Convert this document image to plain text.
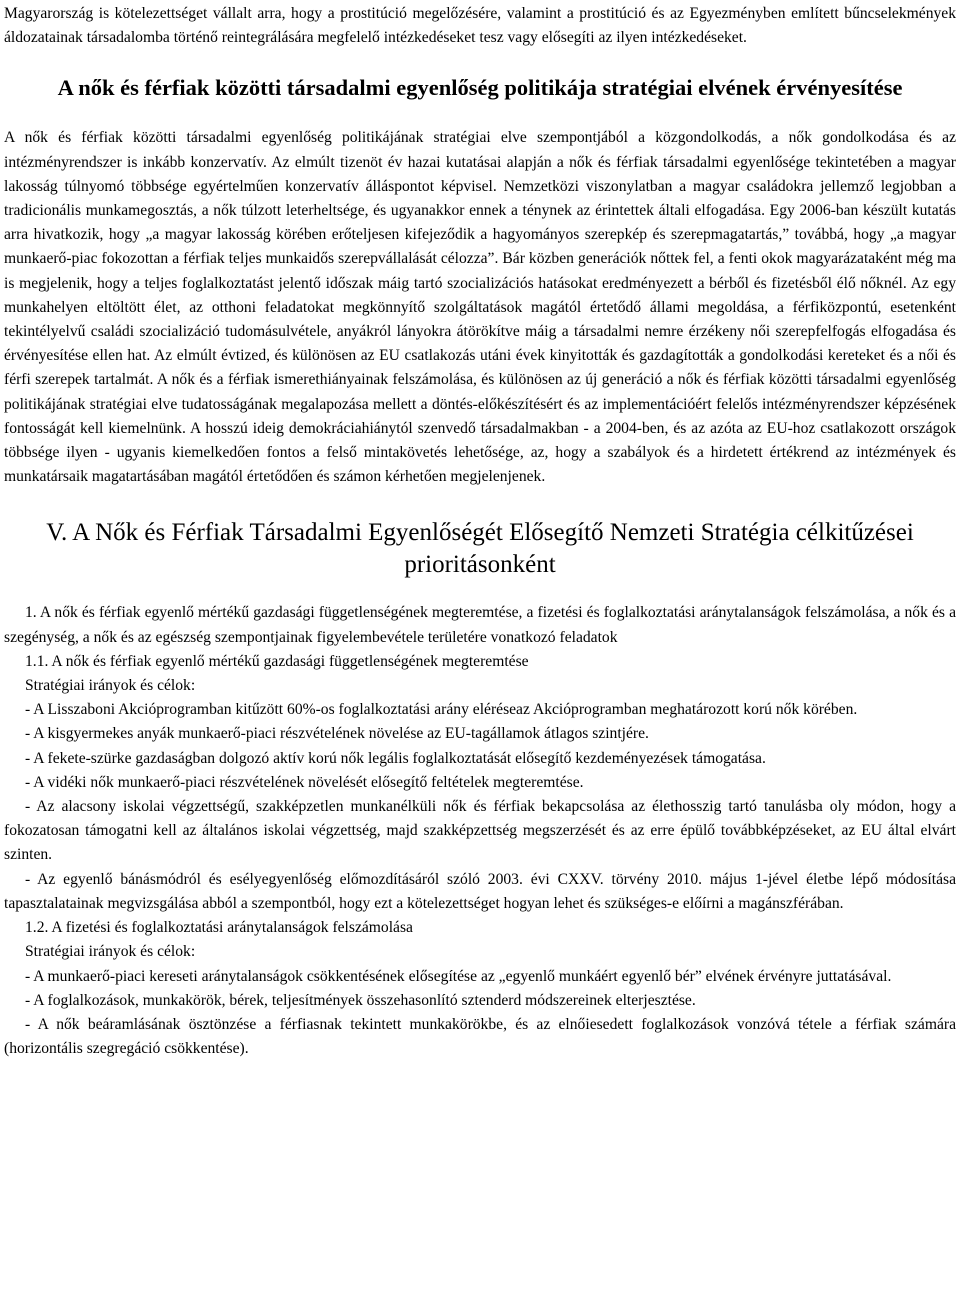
Magyarország is kötelezettséget vállalt arra, hogy a prostitúció megelőzésére, valamint a prostitúció és az Egyezményben említett bűncselekmények áldozatainak társadalomba történő reintegrálására megfelelő intézkedéseket tesz vagy elősegíti az ilyen intézkedéseket.

A nők és férfiak közötti társadalmi egyenlőség politikája stratégiai elvének érvényesítése

A nők és férfiak közötti társadalmi egyenlőség politikájának stratégiai elve szempontjából a közgondolkodás, a nők gondolkodása és az intézményrendszer is inkább konzervatív. Az elmúlt tizenöt év hazai kutatásai alapján a nők és férfiak társadalmi egyenlősége tekintetében a magyar lakosság túlnyomó többsége egyértelműen konzervatív álláspontot képvisel. Nemzetközi viszonylatban a magyar családokra jellemző legjobban a tradicionális munkamegosztás, a nők túlzott leterheltsége, és ugyanakkor ennek a ténynek az érintettek általi elfogadása. Egy 2006-ban készült kutatás arra hivatkozik, hogy „a magyar lakosság körében erőteljesen kifejeződik a hagyományos szerepkép és szerepmagatartás,” továbbá, hogy „a magyar munkaerő-piac fokozottan a férfiak teljes munkaidős szerepvállalását célozza”. Bár közben generációk nőttek fel, a fenti okok magyarázataként még ma is megjelenik, hogy a teljes foglalkoztatást jelentő időszak máig tartó szocializációs hatásokat eredményezett a bérből és fizetésből élő nőknél. Az egy munkahelyen eltöltött élet, az otthoni feladatokat megkönnyítő szolgáltatások magától értetődő állami megoldása, a férfiközpontú, esetenként tekintélyelvű családi szocializáció tudomásulvétele, anyákról lányokra átörökítve máig a társadalmi nemre érzékeny női szerepfelfogás elfogadása és érvényesítése ellen hat. Az elmúlt évtized, és különösen az EU csatlakozás utáni évek kinyitották és gazdagították a gondolkodási kereteket és a női és férfi szerepek tartalmát. A nők és a férfiak ismerethiányainak felszámolása, és különösen az új generáció a nők és férfiak közötti társadalmi egyenlőség politikájának stratégiai elve tudatosságának megalapozása mellett a döntés-előkészítésért és az implementációért felelős intézményrendszer képzésének fontosságát kell kiemelnünk. A hosszú ideig demokráciahiánytól szenvedő társadalmakban - a 2004-ben, és az azóta az EU-hoz csatlakozott országok többsége ilyen - ugyanis kiemelkedően fontos a felső mintakövetés lehetősége, az, hogy a szabályok és a hirdetett értékrend az intézmények és munkatársaik magatartásában magától értetődően és számon kérhetően megjelenjenek.

V. A Nők és Férfiak Társadalmi Egyenlőségét Elősegítő Nemzeti Stratégia célkitűzései prioritásonként

1. A nők és férfiak egyenlő mértékű gazdasági függetlenségének megteremtése, a fizetési és foglalkoztatási aránytalanságok felszámolása, a nők és a szegénység, a nők és az egészség szempontjainak figyelembevétele területére vonatkozó feladatok

1.1. A nők és férfiak egyenlő mértékű gazdasági függetlenségének megteremtése

Stratégiai irányok és célok:

- A Lisszaboni Akcióprogramban kitűzött 60%-os foglalkoztatási arány eléréseaz Akcióprogramban meghatározott korú nők körében.

- A kisgyermekes anyák munkaerő-piaci részvételének növelése az EU-tagállamok átlagos szintjére.

- A fekete-szürke gazdaságban dolgozó aktív korú nők legális foglalkoztatását elősegítő kezdeményezések támogatása.

- A vidéki nők munkaerő-piaci részvételének növelését elősegítő feltételek megteremtése.

- Az alacsony iskolai végzettségű, szakképzetlen munkanélküli nők és férfiak bekapcsolása az élethosszig tartó tanulásba oly módon, hogy a fokozatosan támogatni kell az általános iskolai végzettség, majd szakképzettség megszerzését és az erre épülő továbbképzéseket, az EU által elvárt szinten.

- Az egyenlő bánásmódról és esélyegyenlőség előmozdításáról szóló 2003. évi CXXV. törvény 2010. május 1-jével életbe lépő módosítása tapasztalatainak megvizsgálása abból a szempontból, hogy ezt a kötelezettséget hogyan lehet és szükséges-e előírni a magánszférában.

1.2. A fizetési és foglalkoztatási aránytalanságok felszámolása

Stratégiai irányok és célok:

- A munkaerő-piaci kereseti aránytalanságok csökkentésének elősegítése az „egyenlő munkáért egyenlő bér” elvének érvényre juttatásával.

- A foglalkozások, munkakörök, bérek, teljesítmények összehasonlító sztenderd módszereinek elterjesztése.

- A nők beáramlásának ösztönzése a férfiasnak tekintett munkakörökbe, és az elnőiesedett foglalkozások vonzóvá tétele a férfiak számára (horizontális szegregáció csökkentése).
